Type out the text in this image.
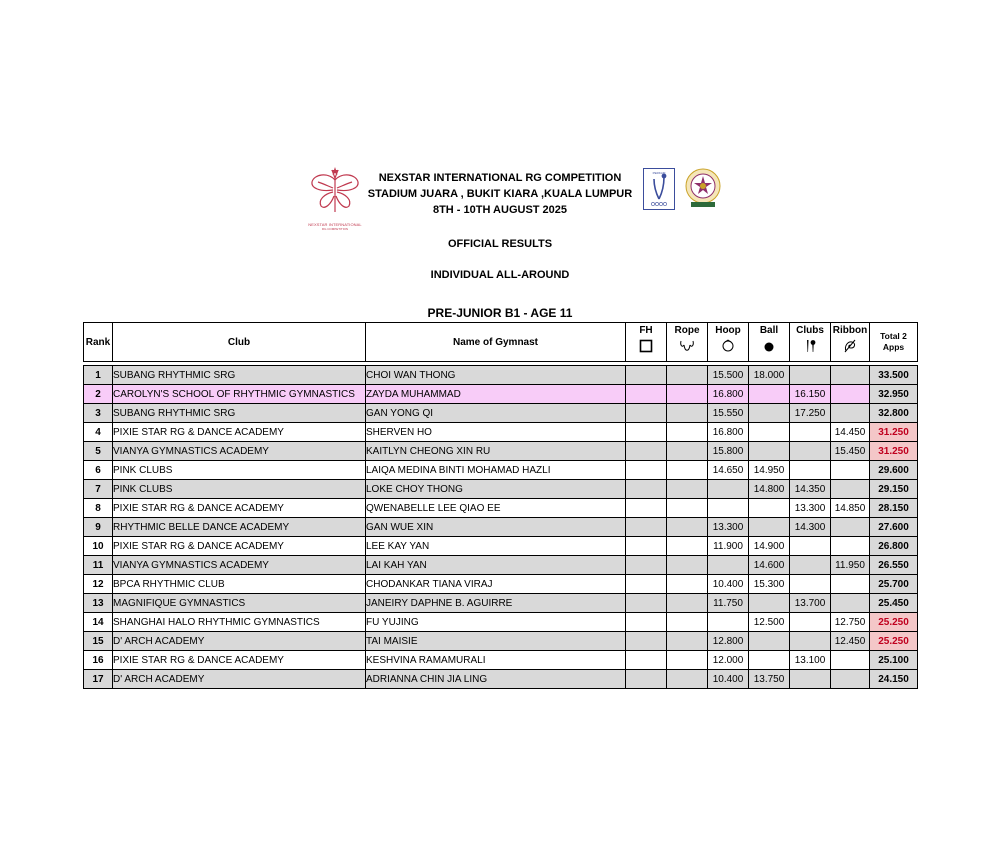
NEXSTAR INTERNATIONAL
RG COMPETITION
NEXSTAR INTERNATIONAL RG COMPETITION
STADIUM JUARA , BUKIT KIARA ,KUALA LUMPUR
8TH - 10TH AUGUST 2025
PERKAM
OFFICIAL RESULTS
INDIVIDUAL ALL-AROUND
PRE-JUNIOR B1 - AGE 11
Rank	Club	Name of Gymnast	FH	Rope	Hoop	Ball	Clubs	Ribbon	Total 2
Apps

1	SUBANG RHYTHMIC SRG	CHOI WAN THONG			15.500	18.000			33.500
2	CAROLYN'S SCHOOL OF RHYTHMIC GYMNASTICS	ZAYDA MUHAMMAD			16.800		16.150		32.950
3	SUBANG RHYTHMIC SRG	GAN YONG QI			15.550		17.250		32.800
4	PIXIE STAR RG & DANCE ACADEMY	SHERVEN HO			16.800			14.450	31.250
5	VIANYA GYMNASTICS ACADEMY	KAITLYN CHEONG XIN RU			15.800			15.450	31.250
6	PINK CLUBS	LAIQA MEDINA BINTI MOHAMAD HAZLI			14.650	14.950			29.600
7	PINK CLUBS	LOKE CHOY THONG				14.800	14.350		29.150
8	PIXIE STAR RG & DANCE ACADEMY	QWENABELLE LEE QIAO EE					13.300	14.850	28.150
9	RHYTHMIC BELLE DANCE ACADEMY	GAN WUE XIN			13.300		14.300		27.600
10	PIXIE STAR RG & DANCE ACADEMY	LEE KAY YAN			11.900	14.900			26.800
11	VIANYA GYMNASTICS ACADEMY	LAI KAH YAN				14.600		11.950	26.550
12	BPCA RHYTHMIC CLUB	CHODANKAR TIANA VIRAJ			10.400	15.300			25.700
13	MAGNIFIQUE GYMNASTICS	JANEIRY DAPHNE B. AGUIRRE			11.750		13.700		25.450
14	SHANGHAI HALO RHYTHMIC GYMNASTICS	FU YUJING				12.500		12.750	25.250
15	D' ARCH ACADEMY	TAI MAISIE			12.800			12.450	25.250
16	PIXIE STAR RG & DANCE ACADEMY	KESHVINA RAMAMURALI			12.000		13.100		25.100
17	D' ARCH ACADEMY	ADRIANNA CHIN JIA LING			10.400	13.750			24.150
